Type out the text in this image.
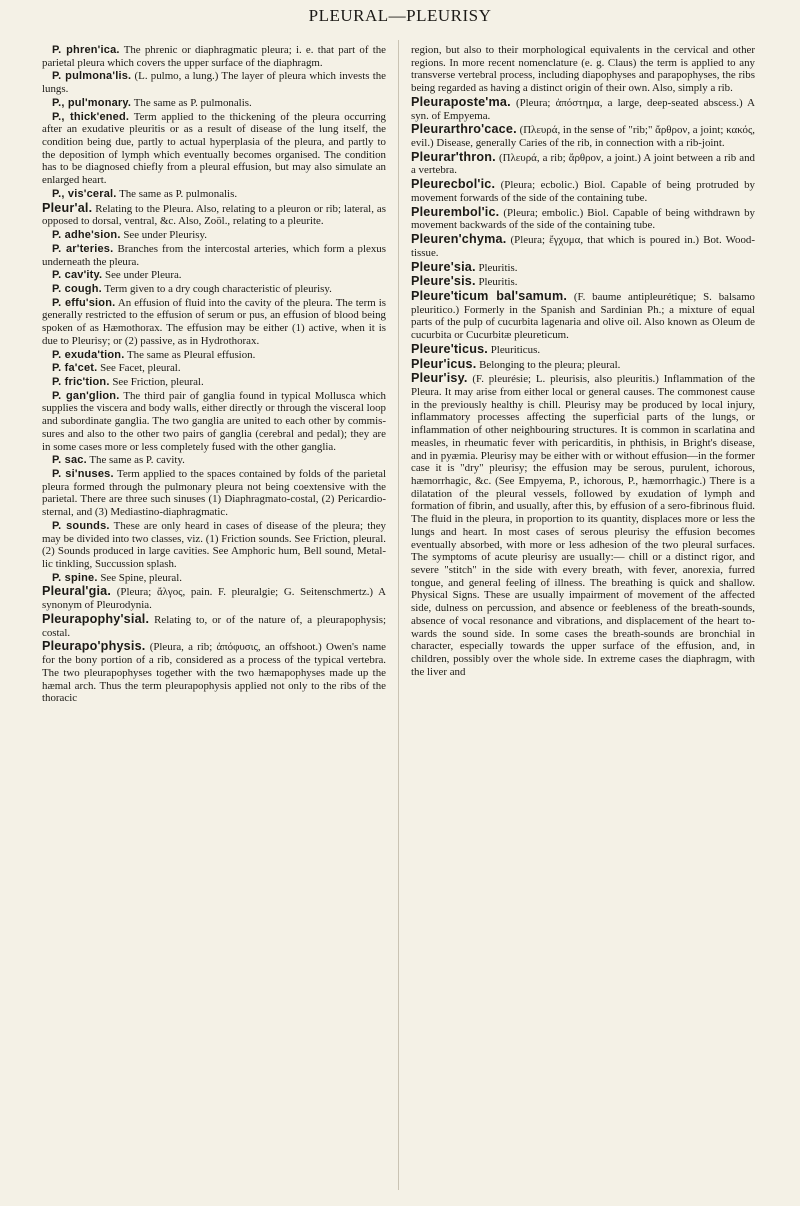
PLEURAL—PLEURISY

P. phren'ica. The phrenic or diaphragmatic pleura; i. e. that part of the parietal pleura which covers the upper surface of the diaphragm.

P. pulmona'lis. (L. pulmo, a lung.) The layer of pleura which invests the lungs.

P., pul'monary. The same as P. pulmonalis.

P., thick'ened. Term applied to the thickening of the pleura occurring after an exudative pleuritis or as a result of disease of the lung itself, the condition being due, partly to actual hyperplasia of the pleura, and partly to the deposition of lymph which eventually becomes organised. The condition has to be diagnosed chiefly from a pleural effusion, but may also simulate an enlarged heart.

P., vis'ceral. The same as P. pulmonalis.

Pleur'al. Relating to the Pleura. Also, relating to a pleuron or rib; lateral, as opposed to dorsal, ventral, &c. Also, Zoöl., relating to a pleurite.

P. adhe'sion. See under Pleurisy.

P. ar'teries. Branches from the intercostal arteries, which form a plexus underneath the pleura.

P. cav'ity. See under Pleura.

P. cough. Term given to a dry cough characteristic of pleurisy.

P. effu'sion. An effusion of fluid into the cavity of the pleura. The term is generally restricted to the effusion of serum or pus, an effusion of blood being spoken of as Hæmothorax. The effusion may be either (1) active, when it is due to Pleurisy; or (2) passive, as in Hydrothorax.

P. exuda'tion. The same as Pleural effusion.

P. fa'cet. See Facet, pleural.

P. fric'tion. See Friction, pleural.

P. gan'glion. The third pair of ganglia found in typical Mollusca which supplies the viscera and body walls, either directly or through the visceral loop and subordinate ganglia. The two ganglia are united to each other by commissures and also to the other two pairs of ganglia (cerebral and pedal); they are in some cases more or less completely fused with the other ganglia.

P. sac. The same as P. cavity.

P. si'nuses. Term applied to the spaces contained by folds of the parietal pleura formed through the pulmonary pleura not being coextensive with the parietal. There are three such sinuses (1) Diaphragmato-costal, (2) Pericardio-sternal, and (3) Mediastino-diaphragmatic.

P. sounds. These are only heard in cases of disease of the pleura; they may be divided into two classes, viz. (1) Friction sounds. See Friction, pleural. (2) Sounds produced in large cavities. See Amphoric hum, Bell sound, Metallic tinkling, Succussion splash.

P. spine. See Spine, pleural.

Pleural'gia. (Pleura; ἄλγος, pain. F. pleuralgie; G. Seitenschmertz.) A synonym of Pleurodynia.

Pleurapophy'sial. Relating to, or of the nature of, a pleurapophysis; costal.

Pleurapo'physis. (Pleura, a rib; ἀπόφυσις, an offshoot.) Owen's name for the bony portion of a rib, considered as a process of the typical vertebra. The two pleurapophyses together with the two hæmapophyses made up the hæmal arch. Thus the term pleurapophysis applied not only to the ribs of the thoracic

region, but also to their morphological equivalents in the cervical and other regions. In more recent nomenclature (e. g. Claus) the term is applied to any transverse vertebral process, including diapophyses and parapophyses, the ribs being regarded as having a distinct origin of their own. Also, simply a rib.

Pleuraposte'ma. (Pleura; ἀπόστημα, a large, deep-seated abscess.) A syn. of Empyema.

Pleurarthro'cace. (Πλευρά, in the sense of "rib;" ἄρθρον, a joint; κακός, evil.) Disease, generally Caries of the rib, in connection with a rib-joint.

Pleurar'thron. (Πλευρά, a rib; ἄρθρον, a joint.) A joint between a rib and a vertebra.

Pleurecbol'ic. (Pleura; ecbolic.) Biol. Capable of being protruded by movement forwards of the side of the containing tube.

Pleurembol'ic. (Pleura; embolic.) Biol. Capable of being withdrawn by movement backwards of the side of the containing tube.

Pleuren'chyma. (Pleura; ἔγχυμα, that which is poured in.) Bot. Wood-tissue.

Pleure'sia. Pleuritis.

Pleure'sis. Pleuritis.

Pleure'ticum bal'samum. (F. baume antipleurétique; S. balsamo pleuritico.) Formerly in the Spanish and Sardinian Ph.; a mixture of equal parts of the pulp of cucurbita lagenaria and olive oil. Also known as Oleum de cucurbita or Cucurbitæ pleureticum.

Pleure'ticus. Pleuriticus.

Pleur'icus. Belonging to the pleura; pleural.

Pleur'isy. (F. pleurésie; L. pleurisis, also pleuritis.) Inflammation of the Pleura. It may arise from either local or general causes. The commonest cause in the previously healthy is chill. Pleurisy may be produced by local injury, inflammatory processes affecting the superficial parts of the lungs, or inflammation of other neighbouring structures. It is common in scarlatina and measles, in rheumatic fever with pericarditis, in phthisis, in Bright's disease, and in pyæmia. Pleurisy may be either with or without effusion—in the former case it is "dry" pleurisy; the effusion may be serous, purulent, ichorous, hæmorrhagic, &c. (See Empyema, P., ichorous, P., hæmorrhagic.) There is a dilatation of the pleural vessels, followed by exudation of lymph and formation of fibrin, and usually, after this, by effusion of a sero-fibrinous fluid. The fluid in the pleura, in proportion to its quantity, displaces more or less the lungs and heart. In most cases of serous pleurisy the effusion becomes eventually absorbed, with more or less adhesion of the two pleural surfaces. The symptoms of acute pleurisy are usually:— chill or a distinct rigor, and severe "stitch" in the side with every breath, with fever, anorexia, furred tongue, and general feeling of illness. The breathing is quick and shallow. Physical Signs. These are usually impairment of movement of the affected side, dulness on percussion, and absence or feebleness of the breath-sounds, absence of vocal resonance and vibrations, and displacement of the heart towards the sound side. In some cases the breath-sounds are bronchial in character, especially towards the upper surface of the effusion, and, in children, possibly over the whole side. In extreme cases the diaphragm, with the liver and
